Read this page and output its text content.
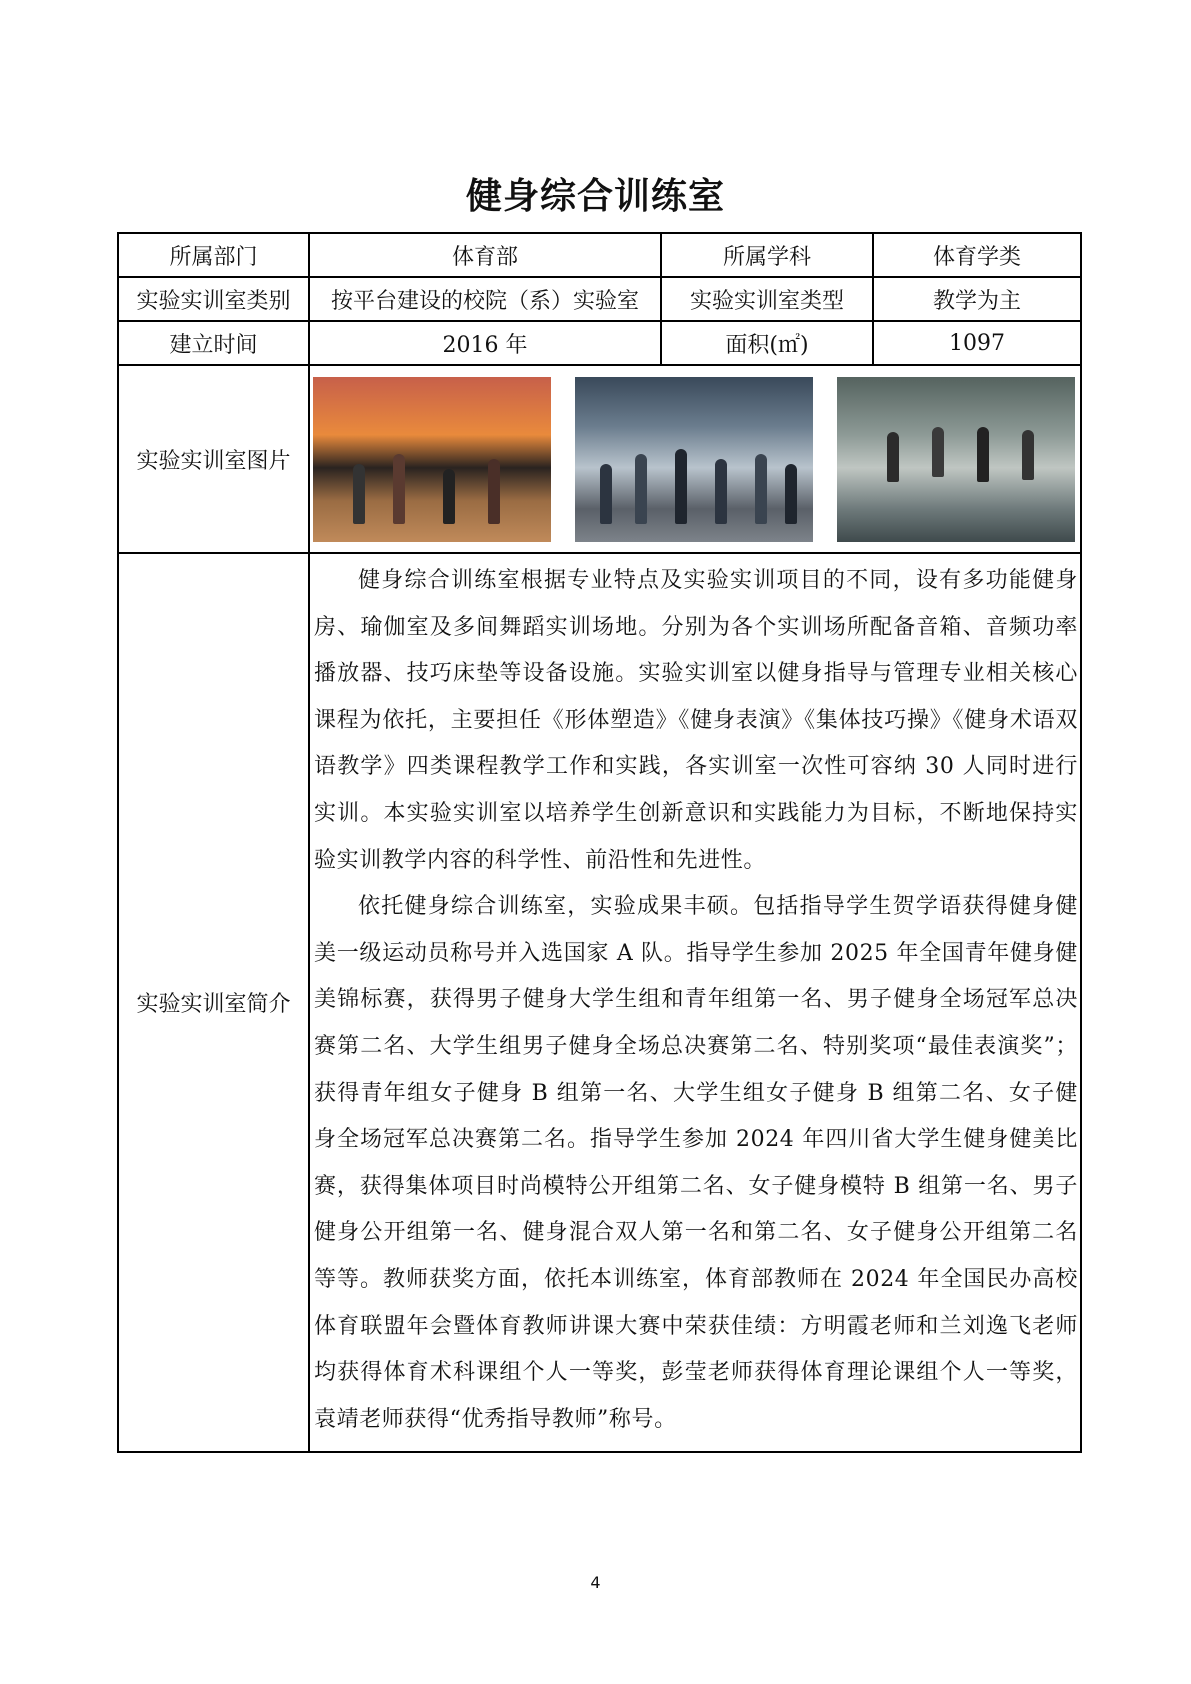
健身综合训练室
所属部门	体育部	所属学科	体育学类
实验实训室类别	按平台建设的校院（系）实验室	实验实训室类型	教学为主
建立时间	2016 年	面积(㎡)	1097
实验实训室图片			

实验实训室简介	健身综合训练室根据专业特点及实验实训项目的不同，设有多功能健身房、瑜伽室及多间舞蹈实训场地。分别为各个实训场所配备音箱、音频功率播放器、技巧床垫等设备设施。实验实训室以健身指导与管理专业相关核心课程为依托，主要担任《形体塑造》《健身表演》《集体技巧操》《健身术语双语教学》四类课程教学工作和实践，各实训室一次性可容纳 30 人同时进行实训。本实验实训室以培养学生创新意识和实践能力为目标，不断地保持实验实训教学内容的科学性、前沿性和先进性。

依托健身综合训练室，实验成果丰硕。包括指导学生贺学语获得健身健美一级运动员称号并入选国家 A 队。指导学生参加 2025 年全国青年健身健美锦标赛，获得男子健身大学生组和青年组第一名、男子健身全场冠军总决赛第二名、大学生组男子健身全场总决赛第二名、特别奖项“最佳表演奖”；获得青年组女子健身 B 组第一名、大学生组女子健身 B 组第二名、女子健身全场冠军总决赛第二名。指导学生参加 2024 年四川省大学生健身健美比赛，获得集体项目时尚模特公开组第二名、女子健身模特 B 组第一名、男子健身公开组第一名、健身混合双人第一名和第二名、女子健身公开组第二名等等。教师获奖方面，依托本训练室，体育部教师在 2024 年全国民办高校体育联盟年会暨体育教师讲课大赛中荣获佳绩：方明霞老师和兰刘逸飞老师均获得体育术科课组个人一等奖，彭莹老师获得体育理论课组个人一等奖，袁靖老师获得“优秀指导教师”称号。		

4
